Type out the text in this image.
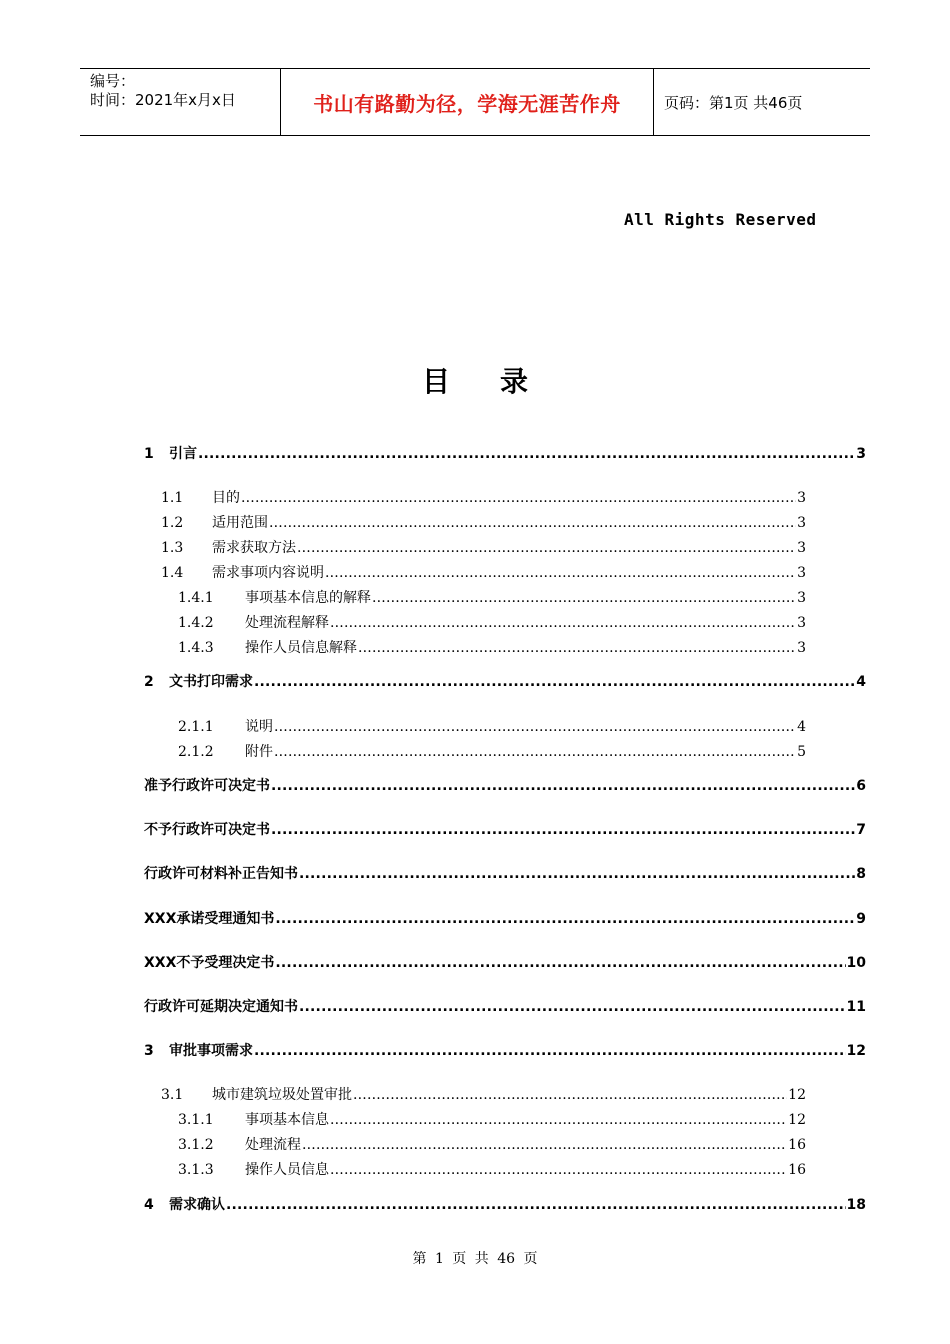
编号：
时间：2021年x月x日	书山有路勤为径，学海无涯苦作舟	页码：第1页 共46页
All Rights Reserved
目录
1	引言 .....	3
1.1	目的 .....	3
1.2	适用范围 .....	3
1.3	需求获取方法 .....	3
1.4	需求事项内容说明 .....	3
1.4.1	事项基本信息的解释 .....	3
1.4.2	处理流程解释 .....	3
1.4.3	操作人员信息解释 .....	3
2	文书打印需求 .....	4
2.1.1	说明 .....	4
2.1.2	附件 .....	5
准予行政许可决定书 .....	6
不予行政许可决定书 .....	7
行政许可材料补正告知书 .....	8
XXX承诺受理通知书 .....	9
XXX不予受理决定书 .....	10
行政许可延期决定通知书 .....	11
3	审批事项需求 .....	12
3.1	城市建筑垃圾处置审批 .....	12
3.1.1	事项基本信息 .....	12
3.1.2	处理流程 .....	16
3.1.3	操作人员信息 .....	16
4	需求确认 .....	18
第 1 页 共 46 页
